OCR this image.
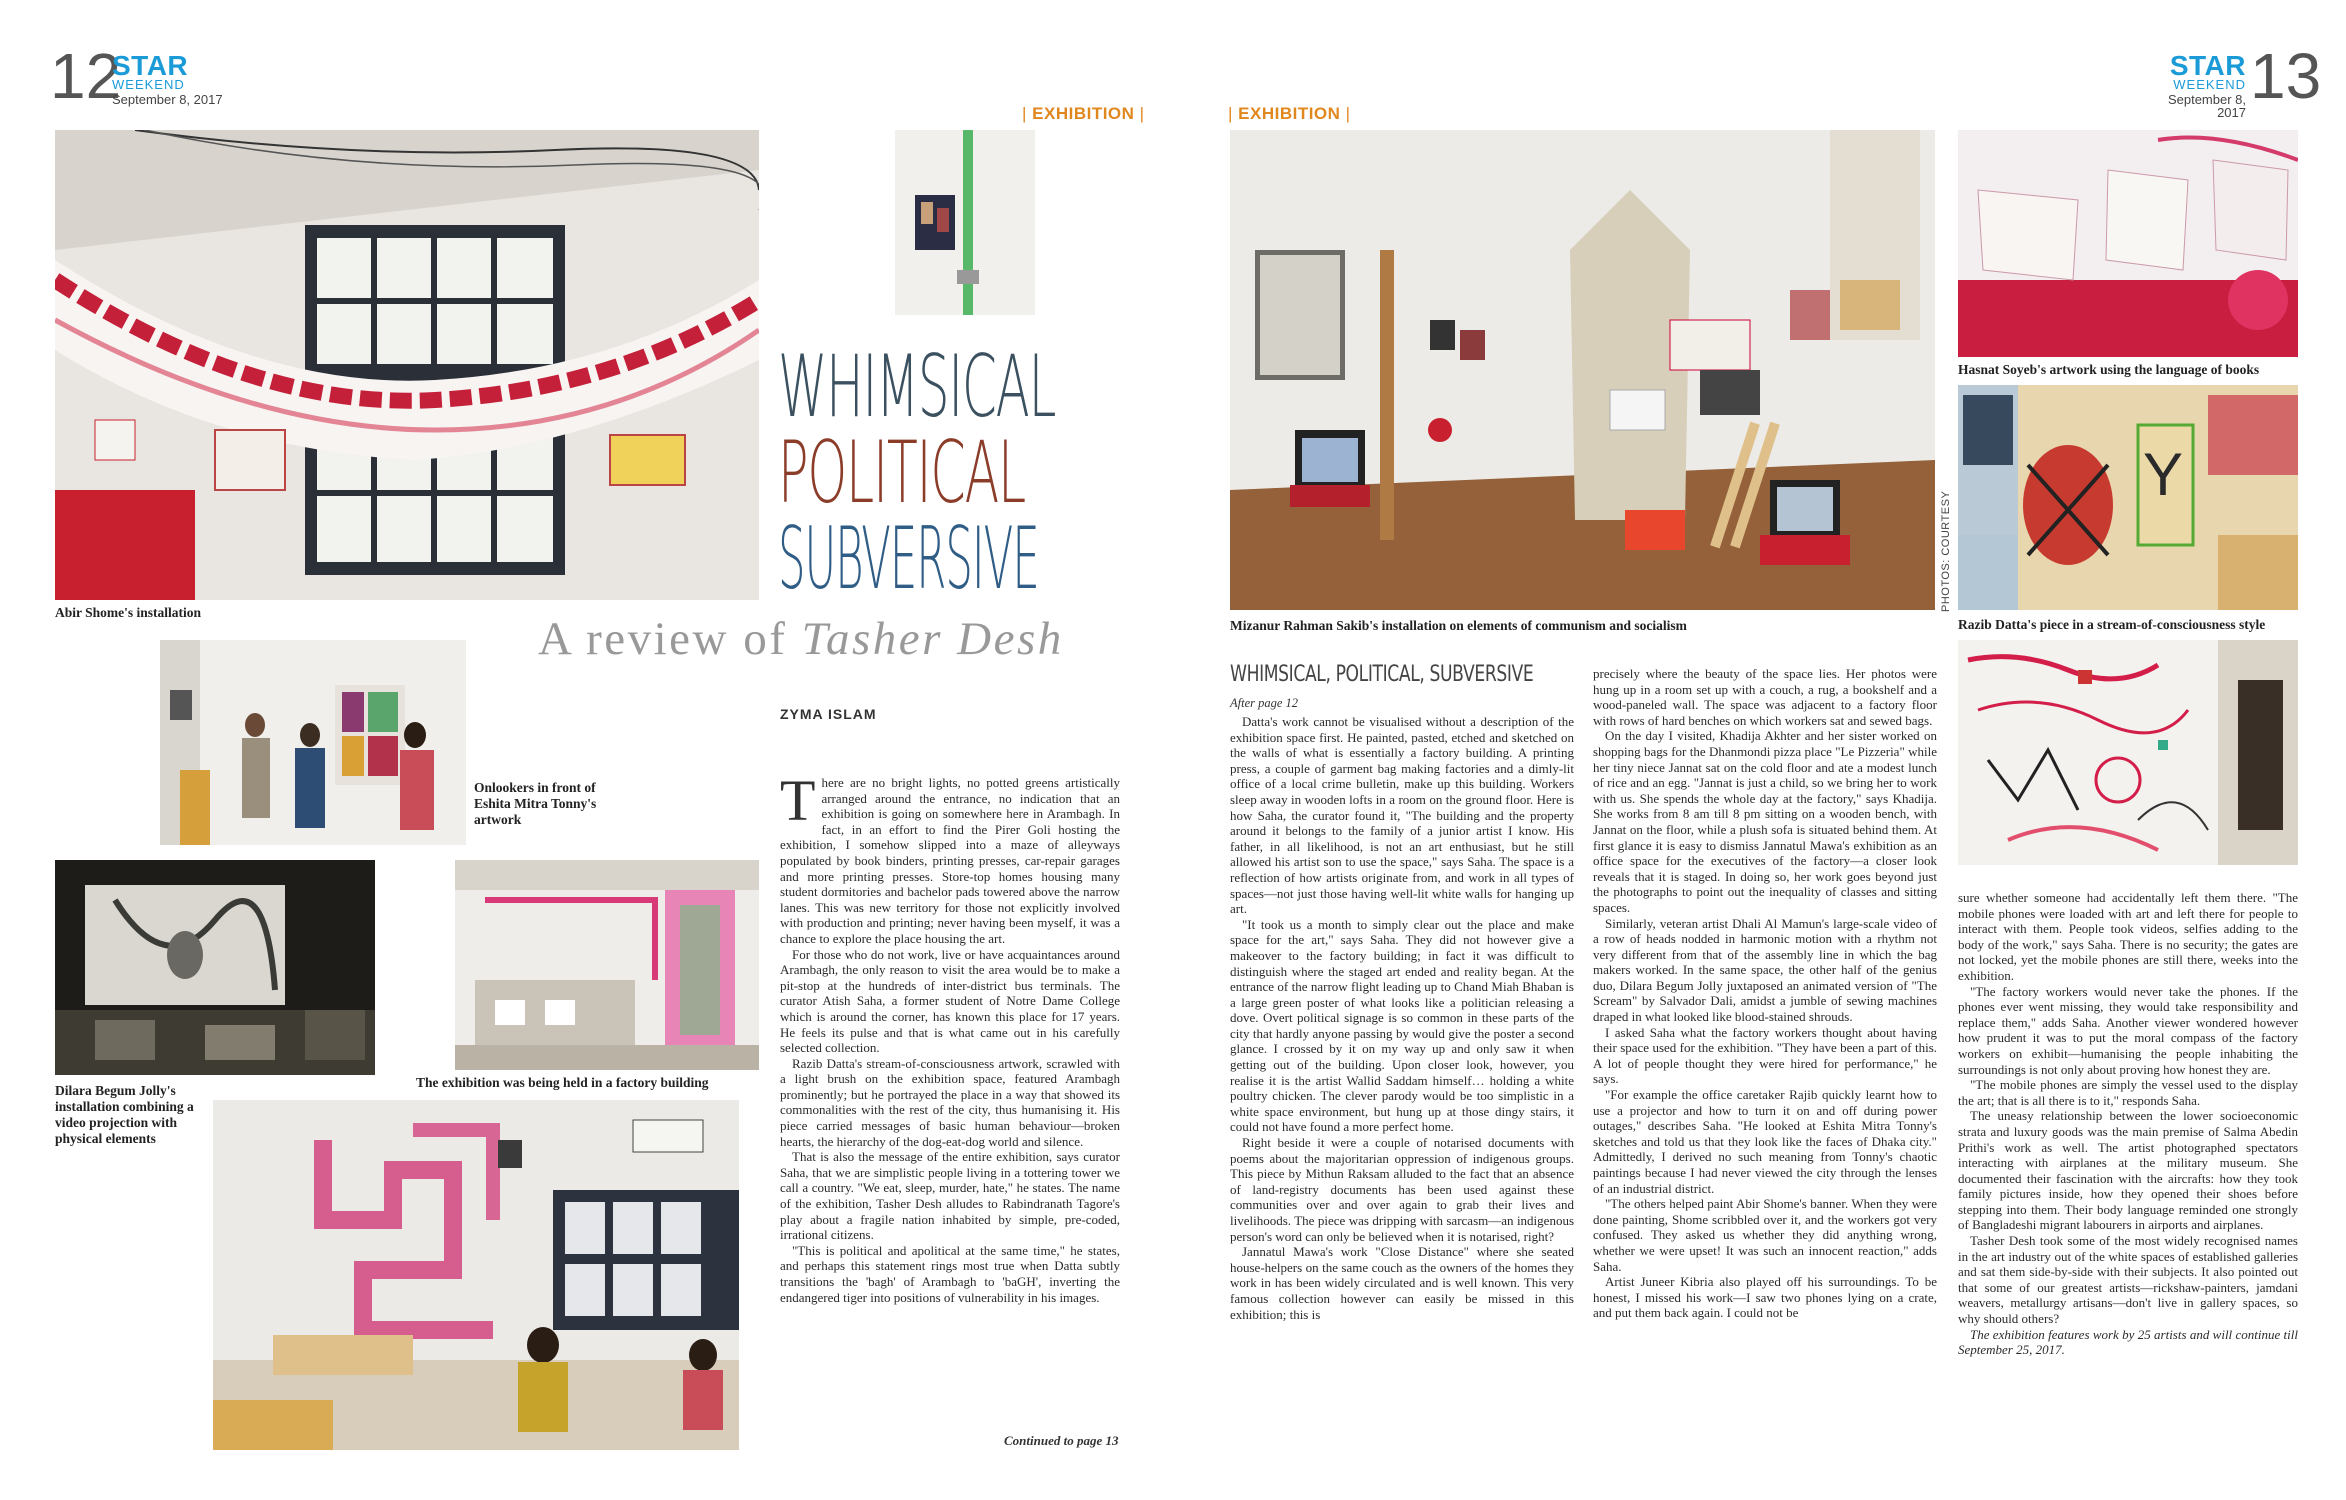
12
STAR
WEEKEND
September 8, 2017
Abir Shome's installation
Onlookers in front of Eshita Mitra Tonny's artwork
Dilara Begum Jolly's installation combining a video projection with physical elements
The exhibition was being held in a factory building
| EXHIBITION |
WHIMSICAL
POLITICAL
SUBVERSIVE
A review of Tasher Desh
ZYMA ISLAM

There are no bright lights, no potted greens artistically arranged around the entrance, no indication that an exhibition is going on somewhere here in Arambagh. In fact, in an effort to find the Pirer Goli hosting the exhibition, I somehow slipped into a maze of alleyways populated by book binders, printing presses, car-repair garages and more printing presses. Store-top homes housing many student dormitories and bachelor pads towered above the narrow lanes. This was new territory for those not explicitly involved with production and printing; never having been myself, it was a chance to explore the place housing the art.

For those who do not work, live or have acquaintances around Arambagh, the only reason to visit the area would be to make a pit-stop at the hundreds of inter-district bus terminals. The curator Atish Saha, a former student of Notre Dame College which is around the corner, has known this place for 17 years. He feels its pulse and that is what came out in his carefully selected collection.

Razib Datta's stream-of-consciousness artwork, scrawled with a light brush on the exhibition space, featured Arambagh prominently; but he portrayed the place in a way that showed its commonalities with the rest of the city, thus humanising it. His piece carried messages of basic human behaviour—broken hearts, the hierarchy of the dog-eat-dog world and silence.

That is also the message of the entire exhibition, says curator Saha, that we are simplistic people living in a tottering tower we call a country. "We eat, sleep, murder, hate," he states. The name of the exhibition, Tasher Desh alludes to Rabindranath Tagore's play about a fragile nation inhabited by simple, pre-coded, irrational citizens.

"This is political and apolitical at the same time," he states, and perhaps this statement rings most true when Datta subtly transitions the 'bagh' of Arambagh to 'baGH', inverting the endangered tiger into positions of vulnerability in his images.

Continued to page 13
| EXHIBITION |
STAR
WEEKEND
September 8, 2017
13
Mizanur Rahman Sakib's installation on elements of communism and socialism
PHOTOS: COURTESY
Hasnat Soyeb's artwork using the language of books
Y
Razib Datta's piece in a stream-of-consciousness style
WHIMSICAL, POLITICAL, SUBVERSIVE
After page 12

Datta's work cannot be visualised without a description of the exhibition space first. He painted, pasted, etched and sketched on the walls of what is essentially a factory building. A printing press, a couple of garment bag making factories and a dimly-lit office of a local crime bulletin, make up this building. Workers sleep away in wooden lofts in a room on the ground floor. Here is how Saha, the curator found it, "The building and the property around it belongs to the family of a junior artist I know. His father, in all likelihood, is not an art enthusiast, but he still allowed his artist son to use the space," says Saha. The space is a reflection of how artists originate from, and work in all types of spaces—not just those having well-lit white walls for hanging up art.

"It took us a month to simply clear out the place and make space for the art," says Saha. They did not however give a makeover to the factory building; in fact it was difficult to distinguish where the staged art ended and reality began. At the entrance of the narrow flight leading up to Chand Miah Bhaban is a large green poster of what looks like a politician releasing a dove. Overt political signage is so common in these parts of the city that hardly anyone passing by would give the poster a second glance. I crossed by it on my way up and only saw it when getting out of the building. Upon closer look, however, you realise it is the artist Wallid Saddam himself… holding a white poultry chicken. The clever parody would be too simplistic in a white space environment, but hung up at those dingy stairs, it could not have found a more perfect home.

Right beside it were a couple of notarised documents with poems about the majoritarian oppression of indigenous groups. This piece by Mithun Raksam alluded to the fact that an absence of land-registry documents has been used against these communities over and over again to grab their lives and livelihoods. The piece was dripping with sarcasm—an indigenous person's word can only be believed when it is notarised, right?

Jannatul Mawa's work "Close Distance" where she seated house-helpers on the same couch as the owners of the homes they work in has been widely circulated and is well known. This very famous collection however can easily be missed in this exhibition; this is

precisely where the beauty of the space lies. Her photos were hung up in a room set up with a couch, a rug, a bookshelf and a wood-paneled wall. The space was adjacent to a factory floor with rows of hard benches on which workers sat and sewed bags.

On the day I visited, Khadija Akhter and her sister worked on shopping bags for the Dhanmondi pizza place "Le Pizzeria" while her tiny niece Jannat sat on the cold floor and ate a modest lunch of rice and an egg. "Jannat is just a child, so we bring her to work with us. She spends the whole day at the factory," says Khadija. She works from 8 am till 8 pm sitting on a wooden bench, with Jannat on the floor, while a plush sofa is situated behind them. At first glance it is easy to dismiss Jannatul Mawa's exhibition as an office space for the executives of the factory—a closer look reveals that it is staged. In doing so, her work goes beyond just the photographs to point out the inequality of classes and sitting spaces.

Similarly, veteran artist Dhali Al Mamun's large-scale video of a row of heads nodded in harmonic motion with a rhythm not very different from that of the assembly line in which the bag makers worked. In the same space, the other half of the genius duo, Dilara Begum Jolly juxtaposed an animated version of "The Scream" by Salvador Dali, amidst a jumble of sewing machines draped in what looked like blood-stained shrouds.

I asked Saha what the factory workers thought about having their space used for the exhibition. "They have been a part of this. A lot of people thought they were hired for performance," he says.

"For example the office caretaker Rajib quickly learnt how to use a projector and how to turn it on and off during power outages," describes Saha. "He looked at Eshita Mitra Tonny's sketches and told us that they look like the faces of Dhaka city." Admittedly, I derived no such meaning from Tonny's chaotic paintings because I had never viewed the city through the lenses of an industrial district.

"The others helped paint Abir Shome's banner. When they were done painting, Shome scribbled over it, and the workers got very confused. They asked us whether they did anything wrong, whether we were upset! It was such an innocent reaction," adds Saha.

Artist Juneer Kibria also played off his surroundings. To be honest, I missed his work—I saw two phones lying on a crate, and put them back again. I could not be

sure whether someone had accidentally left them there. "The mobile phones were loaded with art and left there for people to interact with them. People took videos, selfies adding to the body of the work," says Saha. There is no security; the gates are not locked, yet the mobile phones are still there, weeks into the exhibition.

"The factory workers would never take the phones. If the phones ever went missing, they would take responsibility and replace them," adds Saha. Another viewer wondered however how prudent it was to put the moral compass of the factory workers on exhibit—humanising the people inhabiting the surroundings is not only about proving how honest they are.

"The mobile phones are simply the vessel used to the display the art; that is all there is to it," responds Saha.

The uneasy relationship between the lower socioeconomic strata and luxury goods was the main premise of Salma Abedin Prithi's work as well. The artist photographed spectators interacting with airplanes at the military museum. She documented their fascination with the aircrafts: how they took family pictures inside, how they opened their shoes before stepping into them. Their body language reminded one strongly of Bangladeshi migrant labourers in airports and airplanes.

Tasher Desh took some of the most widely recognised names in the art industry out of the white spaces of established galleries and sat them side-by-side with their subjects. It also pointed out that some of our greatest artists—rickshaw-painters, jamdani weavers, metallurgy artisans—don't live in gallery spaces, so why should others?

The exhibition features work by 25 artists and will continue till September 25, 2017.
